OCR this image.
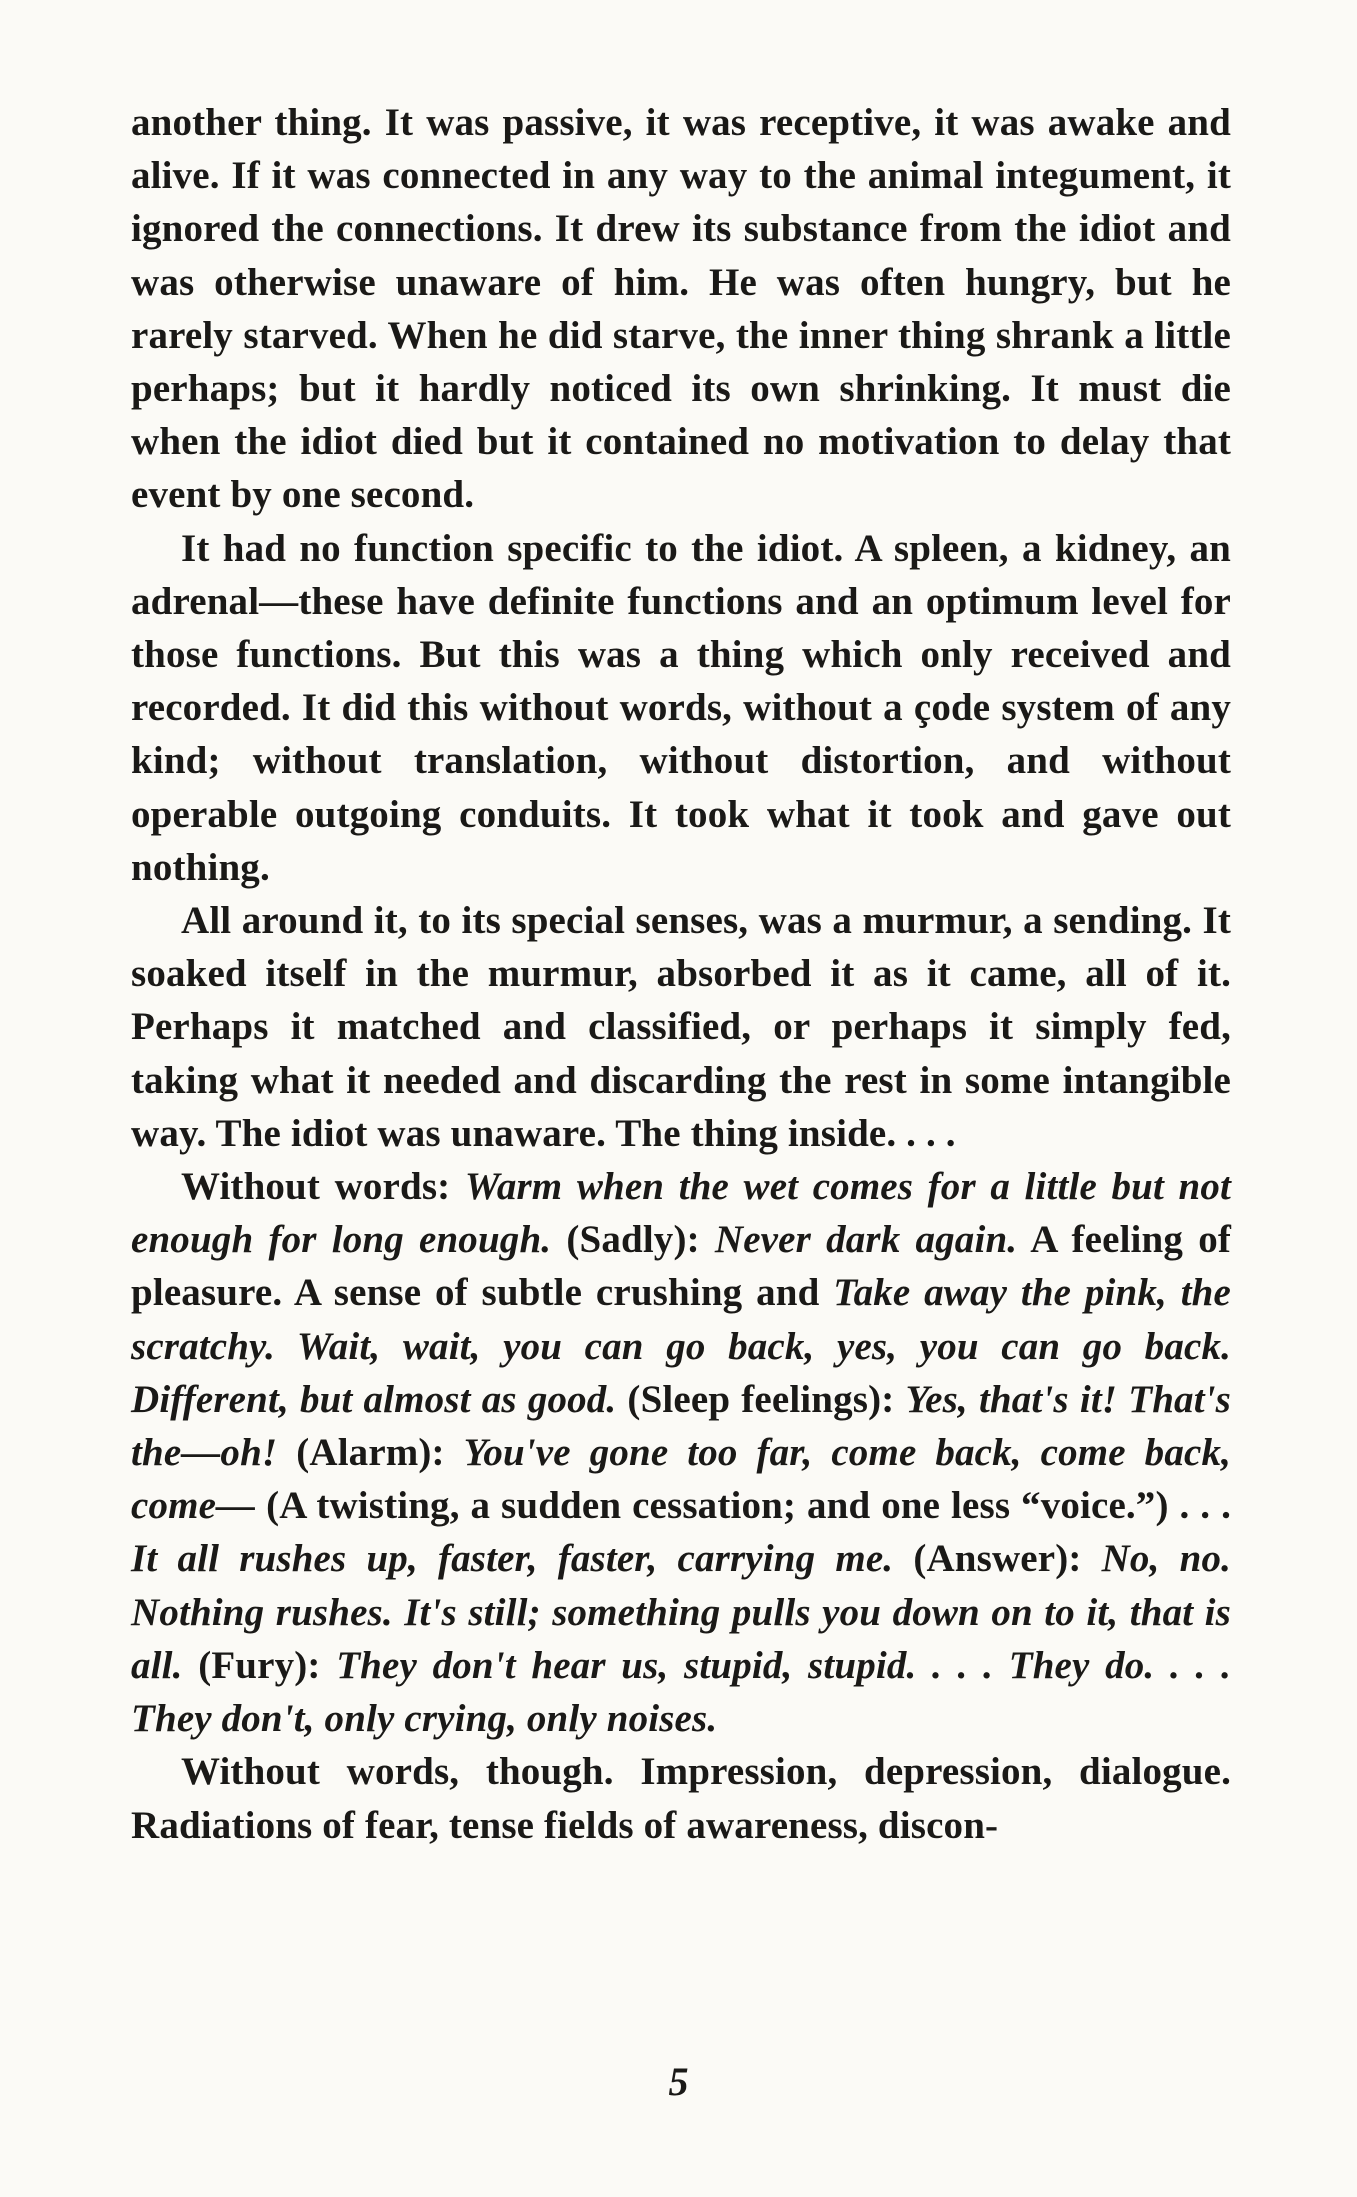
another thing. It was passive, it was receptive, it was awake and alive. If it was connected in any way to the animal integument, it ignored the connections. It drew its substance from the idiot and was otherwise unaware of him. He was often hungry, but he rarely starved. When he did starve, the inner thing shrank a little perhaps; but it hardly noticed its own shrinking. It must die when the idiot died but it contained no motivation to delay that event by one second.

It had no function specific to the idiot. A spleen, a kidney, an adrenal—these have definite functions and an optimum level for those functions. But this was a thing which only received and recorded. It did this without words, without a çode system of any kind; without translation, without distortion, and without operable outgoing conduits. It took what it took and gave out nothing.

All around it, to its special senses, was a murmur, a sending. It soaked itself in the murmur, absorbed it as it came, all of it. Perhaps it matched and classified, or perhaps it simply fed, taking what it needed and discarding the rest in some intangible way. The idiot was unaware. The thing inside. . . .

Without words: Warm when the wet comes for a little but not enough for long enough. (Sadly): Never dark again. A feeling of pleasure. A sense of subtle crushing and Take away the pink, the scratchy. Wait, wait, you can go back, yes, you can go back. Different, but almost as good. (Sleep feelings): Yes, that's it! That's the—oh! (Alarm): You've gone too far, come back, come back, come— (A twisting, a sudden cessation; and one less “voice.”) . . . It all rushes up, faster, faster, carrying me. (Answer): No, no. Nothing rushes. It's still; something pulls you down on to it, that is all. (Fury): They don't hear us, stupid, stupid. . . . They do. . . . They don't, only crying, only noises.

Without words, though. Impression, depression, dialogue. Radiations of fear, tense fields of awareness, discon-

5
